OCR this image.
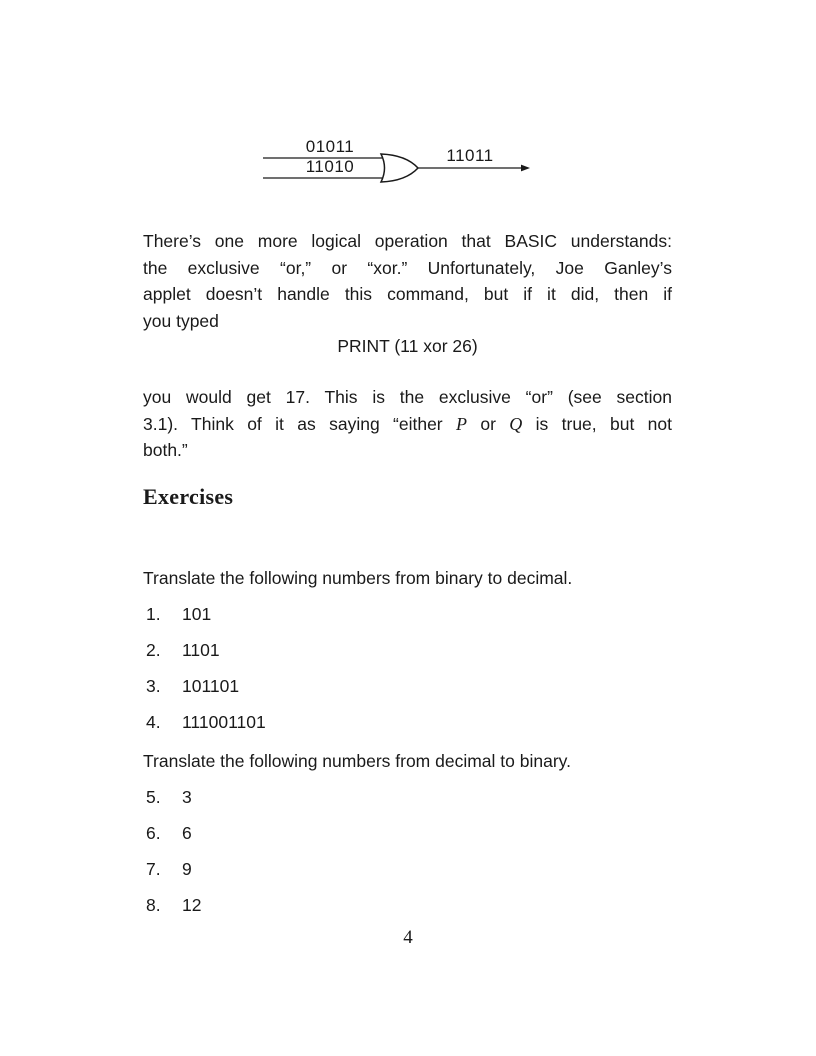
01011
11010
11011
There’s one more logical operation that BASIC understands:
the exclusive “or,” or “xor.” Unfortunately, Joe Ganley’s
applet doesn’t handle this command, but if it did, then if
you typed
PRINT (11 xor 26)
you would get 17. This is the exclusive “or” (see section
3.1). Think of it as saying “either P or Q is true, but not
both.”
Exercises
Translate the following numbers from binary to decimal.
1.	101
2.	1101
3.	101101
4.	111001101
Translate the following numbers from decimal to binary.
5.	3
6.	6
7.	9
8.	12
4
